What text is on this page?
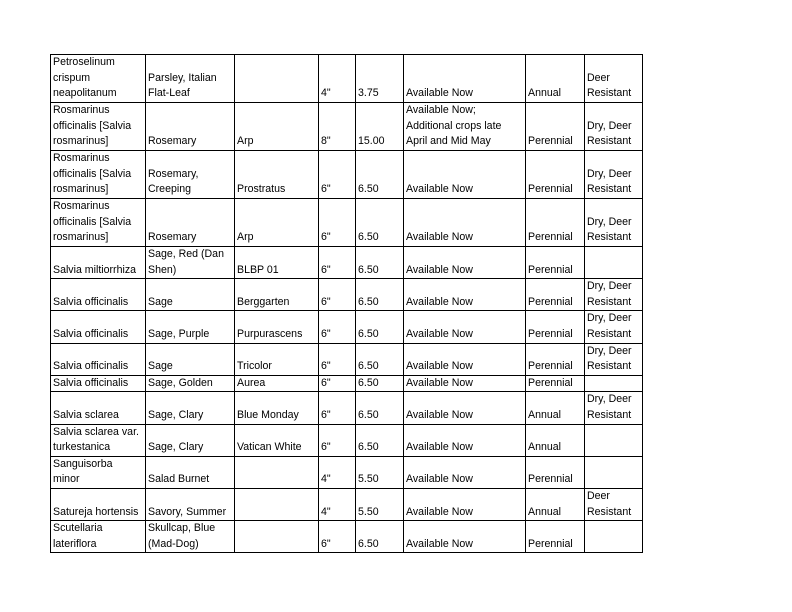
Petroselinum
crispum
neapolitanum	Parsley, Italian
Flat-Leaf		4"	3.75	Available Now	Annual	Deer
Resistant
Rosmarinus
officinalis [Salvia
rosmarinus]	Rosemary	Arp	8"	15.00	Available Now;
Additional crops late
April and Mid May	Perennial	Dry, Deer
Resistant
Rosmarinus
officinalis [Salvia
rosmarinus]	Rosemary,
Creeping	Prostratus	6"	6.50	Available Now	Perennial	Dry, Deer
Resistant
Rosmarinus
officinalis [Salvia
rosmarinus]	Rosemary	Arp	6"	6.50	Available Now	Perennial	Dry, Deer
Resistant
Salvia miltiorrhiza	Sage, Red (Dan
Shen)	BLBP 01	6"	6.50	Available Now	Perennial	
Salvia officinalis	Sage	Berggarten	6"	6.50	Available Now	Perennial	Dry, Deer
Resistant
Salvia officinalis	Sage, Purple	Purpurascens	6"	6.50	Available Now	Perennial	Dry, Deer
Resistant
Salvia officinalis	Sage	Tricolor	6"	6.50	Available Now	Perennial	Dry, Deer
Resistant
Salvia officinalis	Sage, Golden	Aurea	6"	6.50	Available Now	Perennial	
Salvia sclarea	Sage, Clary	Blue Monday	6"	6.50	Available Now	Annual	Dry, Deer
Resistant
Salvia sclarea var.
turkestanica	Sage, Clary	Vatican White	6"	6.50	Available Now	Annual	
Sanguisorba
minor	Salad Burnet		4"	5.50	Available Now	Perennial	
Satureja hortensis	Savory, Summer		4"	5.50	Available Now	Annual	Deer
Resistant
Scutellaria
lateriflora	Skullcap, Blue
(Mad-Dog)		6"	6.50	Available Now	Perennial	
